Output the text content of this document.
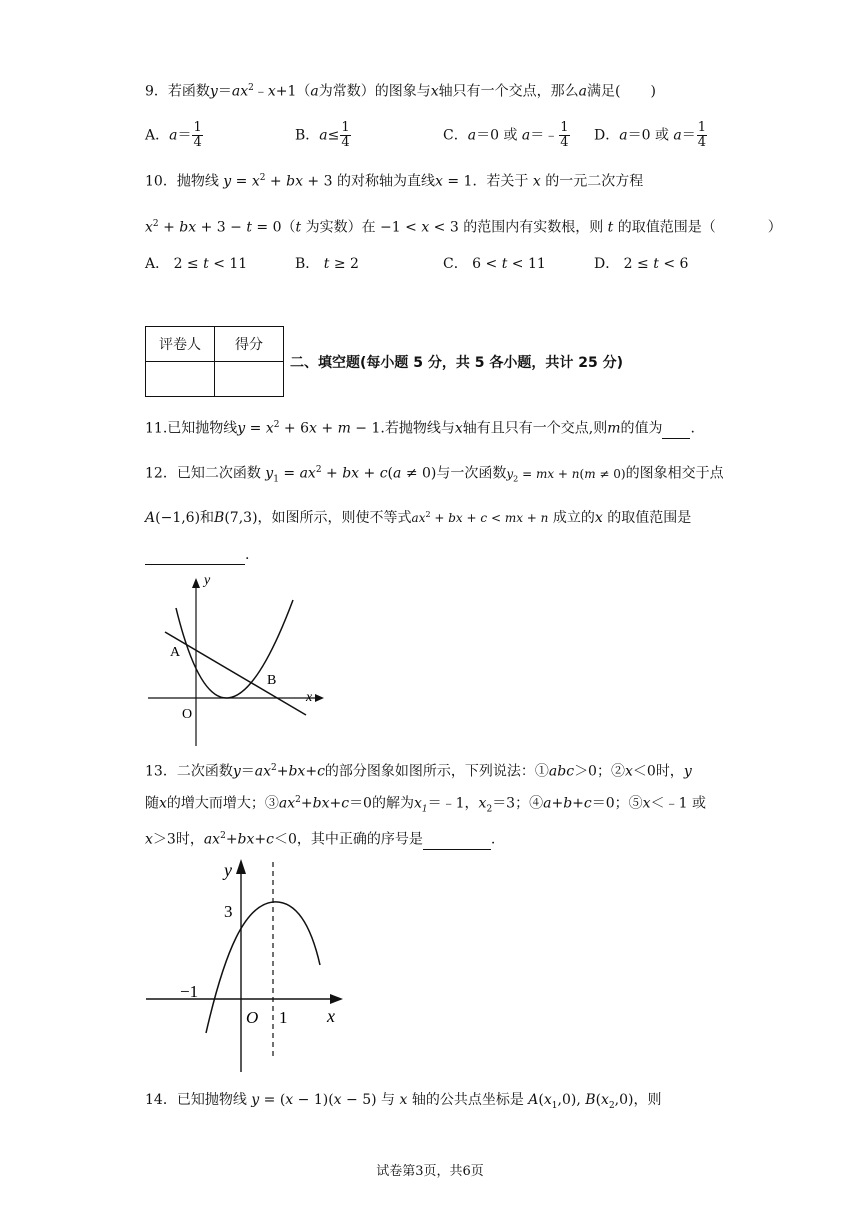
9．若函数$y=ax^2﹣x+1(a$为常数）的图象与x轴只有一个交点，那么a满足( )
A．$a= \frac{1}{4}$	B．$a\le \frac{1}{4}$	C．a＝0 或 a＝﹣ $\frac{1}{4}$ D．a＝0 或 $a= \frac{1}{4}$
10．抛物线 $y = x^2$ + bx + 3 的对称轴为直线x = 1．若关于 x 的一元二次方程
$x^2$ + bx + 3 − t = 0（t 为实数）在 −1 < x < 3 的范围内有实数根，则 t 的取值范围是（	）
A． 2 ≤ t < 11	B． t ≥ 2	C． 6 < t < 11	D． 2 ≤ t < 6
评卷人	得分

二、填空题(每小题 5 分，共 5 各小题，共计 25 分)
11.已知抛物线$y = x^2 + 6x + m - 1$.若抛物线与x轴有且只有一个交点,则m的值为 .
12．已知二次函数 $y_1 = ax^2$ + bx + c(a ≠ 0)与一次函数$y_2$ = mx + n(m ≠ 0)的图象相交于点
A(−1,6)和B(7,3)，如图所示，则使不等式$ax^2$ + bx + c < mx + n 成立的x 的取值范围是
.
y
x
A
B
O
13．二次函数$y=ax^2+bx+c$的部分图象如图所示，下列说法：①abc＞0；②x＜0时，y
随x的增大而增大；$③ax^2+bx+c=0$的解为$x_1=﹣1$，$x_2=3$；④a+b+c＝0；⑤x＜﹣1 或
x＞3时，$ax^2+bx+c<0$，其中正确的序号是	.
y
x
3
−1
O 1
14．已知抛物线 y = (x − 1)(x − 5) 与 x 轴的公共点坐标是 $A(x_1,0)$, $B(x_2,0)$，则
试卷第3页，共6页
